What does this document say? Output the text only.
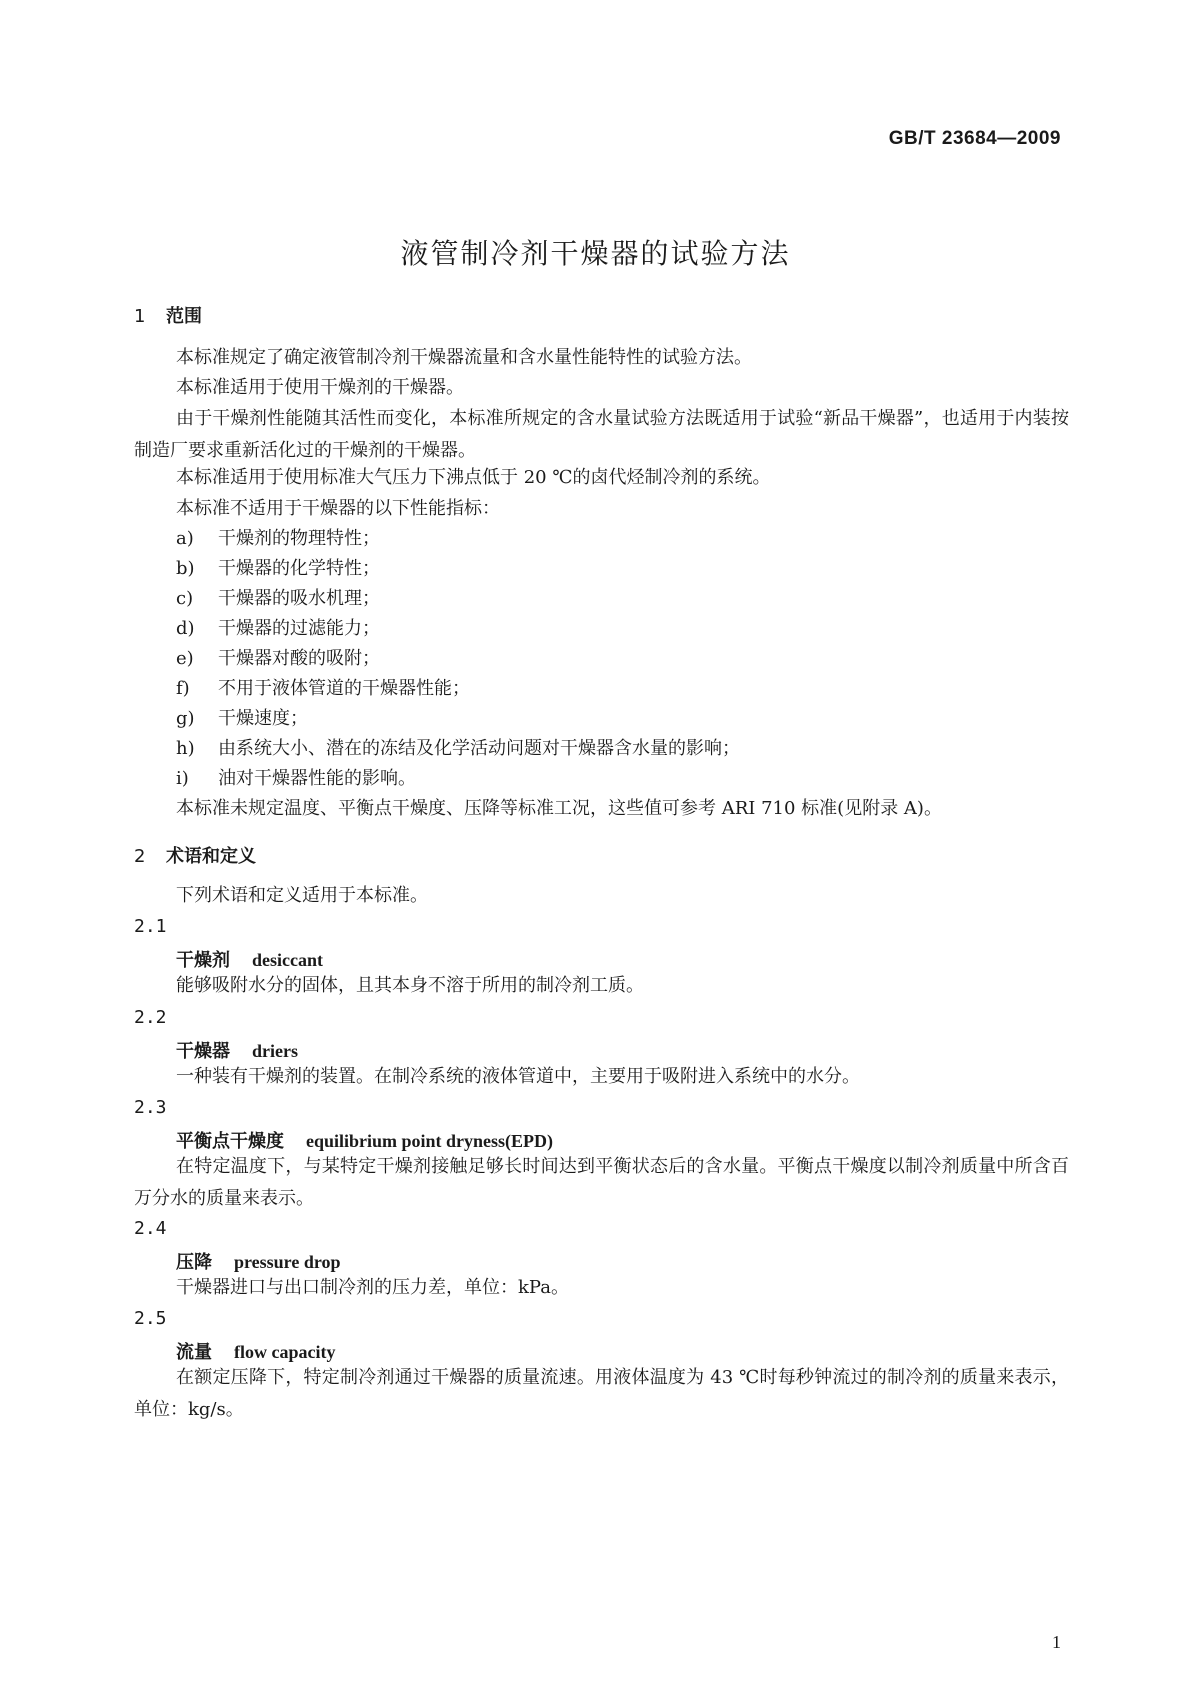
GB/T 23684—2009
液管制冷剂干燥器的试验方法
1 范围
本标准规定了确定液管制冷剂干燥器流量和含水量性能特性的试验方法。
本标准适用于使用干燥剂的干燥器。
由于干燥剂性能随其活性而变化，本标准所规定的含水量试验方法既适用于试验“新品干燥器”，也适用于内装按制造厂要求重新活化过的干燥剂的干燥器。
本标准适用于使用标准大气压力下沸点低于 20 ℃的卤代烃制冷剂的系统。
本标准不适用于干燥器的以下性能指标：
a) 干燥剂的物理特性；
b) 干燥器的化学特性；
c) 干燥器的吸水机理；
d) 干燥器的过滤能力；
e) 干燥器对酸的吸附；
f) 不用于液体管道的干燥器性能；
g) 干燥速度；
h) 由系统大小、潜在的冻结及化学活动问题对干燥器含水量的影响；
i) 油对干燥器性能的影响。
本标准未规定温度、平衡点干燥度、压降等标准工况，这些值可参考 ARI 710 标准(见附录 A)。
2 术语和定义
下列术语和定义适用于本标准。
2.1
干燥剂 desiccant
能够吸附水分的固体，且其本身不溶于所用的制冷剂工质。
2.2
干燥器 driers
一种装有干燥剂的装置。在制冷系统的液体管道中，主要用于吸附进入系统中的水分。
2.3
平衡点干燥度 equilibrium point dryness(EPD)
在特定温度下，与某特定干燥剂接触足够长时间达到平衡状态后的含水量。平衡点干燥度以制冷剂质量中所含百万分水的质量来表示。
2.4
压降 pressure drop
干燥器进口与出口制冷剂的压力差，单位：kPa。
2.5
流量 flow capacity
在额定压降下，特定制冷剂通过干燥器的质量流速。用液体温度为 43 ℃时每秒钟流过的制冷剂的质量来表示，单位：kg/s。
1
